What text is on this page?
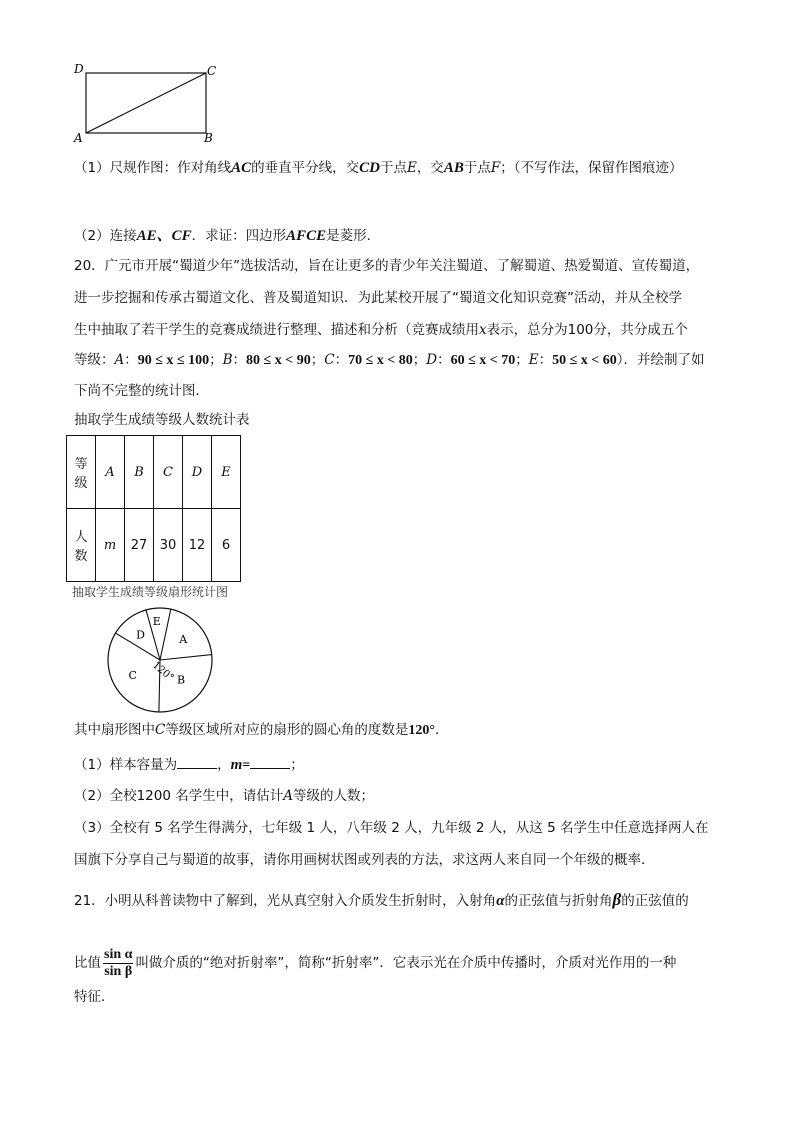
D	C
A	B
（1）尺规作图：作对角线AC的垂直平分线，交CD于点E，交AB于点F；（不写作法，保留作图痕迹）
（2）连接AE、CF．求证：四边形AFCE是菱形．
20．广元市开展“蜀道少年”选拔活动，旨在让更多的青少年关注蜀道、了解蜀道、热爱蜀道、宣传蜀道，
进一步挖掘和传承古蜀道文化、普及蜀道知识．为此某校开展了“蜀道文化知识竞赛”活动，并从全校学
生中抽取了若干学生的竞赛成绩进行整理、描述和分析（竞赛成绩用x表示，总分为100分，共分成五个
等级：A：90 ≤ x ≤ 100；B：80 ≤ x < 90；C：70 ≤ x < 80；D：60 ≤ x < 70；E：50 ≤ x < 60）．并绘制了如
下尚不完整的统计图．
抽取学生成绩等级人数统计表
等
级	A	B	C	D	E
人
数	m	27	30	12	6
抽取学生成绩等级扇形统计图
A
B
C
D
E
120°
其中扇形图中C等级区域所对应的扇形的圆心角的度数是120°．
（1）样本容量为	，m=	；
（2）全校1200 名学生中，请估计A等级的人数；
（3）全校有 5 名学生得满分，七年级 1 人，八年级 2 人，九年级 2 人，从这 5 名学生中任意选择两人在
国旗下分享自己与蜀道的故事，请你用画树状图或列表的方法，求这两人来自同一个年级的概率．
21．小明从科普读物中了解到，光从真空射入介质发生折射时，入射角α的正弦值与折射角β的正弦值的
比值 $\frac{\text{sin α}}{\text{sin β}}$ 叫做介质的“绝对折射率”，简称“折射率”．它表示光在介质中传播时，介质对光作用的一种
特征．
